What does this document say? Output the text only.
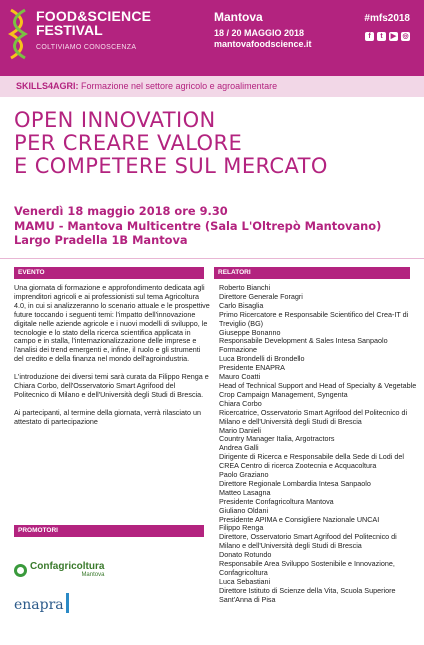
FOOD&SCIENCE
FESTIVAL
COLTIVIAMO CONOSCENZA
Mantova
18 / 20 MAGGIO 2018
mantovafoodscience.it
#mfs2018
f	t	▶ ◎
SKILLS4AGRI: Formazione nel settore agricolo e agroalimentare
OPEN INNOVATION
PER CREARE VALORE
E COMPETERE SUL MERCATO
Venerdì 18 maggio 2018 ore 9.30
MAMU - Mantova Multicentre (Sala L'Oltrepò Mantovano)
Largo Pradella 1B Mantova
EVENTO

Una giornata di formazione e approfondimento dedicata agli imprenditori agricoli e ai professionisti sul tema Agricoltura 4.0, in cui si analizzeranno lo scenario attuale e le prospettive future toccando i seguenti temi: l'impatto dell'innovazione digitale nelle aziende agricole e i nuovi modelli di sviluppo, le tecnologie e lo stato della ricerca scientifica applicata in campo e in stalla, l'internazionalizzazione delle imprese e l'analisi dei trend emergenti e, infine, il ruolo e gli strumenti del credito e della finanza nel mondo dell'agroindustria.

L'introduzione dei diversi temi sarà curata da Filippo Renga e Chiara Corbo, dell'Osservatorio Smart Agrifood del Politecnico di Milano e dell'Università degli Studi di Brescia.

Ai partecipanti, al termine della giornata, verrà rilasciato un attestato di partecipazione

RELATORI
Roberto Bianchi
Direttore Generale Foragri
Carlo Bisaglia
Primo Ricercatore e Responsabile Scientifico del Crea-IT di Treviglio (BG)
Giuseppe Bonanno
Responsabile Development & Sales Intesa Sanpaolo Formazione
Luca Brondelli di Brondello
Presidente ENAPRA
Mauro Coatti
Head of Technical Support and Head of Specialty & Vegetable Crop Campaign Management, Syngenta
Chiara Corbo
Ricercatrice, Osservatorio Smart Agrifood del Politecnico di Milano e dell'Università degli Studi di Brescia
Mario Danieli
Country Manager Italia, Argotractors
Andrea Galli
Dirigente di Ricerca e Responsabile della Sede di Lodi del CREA Centro di ricerca Zootecnia e Acquacoltura
Paolo Graziano
Direttore Regionale Lombardia Intesa Sanpaolo
Matteo Lasagna
Presidente Confagricoltura Mantova
Giuliano Oldani
Presidente APIMA e Consigliere Nazionale UNCAI
Filippo Renga
Direttore, Osservatorio Smart Agrifood del Politecnico di Milano e dell'Università degli Studi di Brescia
Donato Rotundo
Responsabile Area Sviluppo Sostenibile e Innovazione, Confagricoltura
Luca Sebastiani
Direttore Istituto di Scienze della Vita, Scuola Superiore Sant'Anna di Pisa
PROMOTORI
Confagricoltura
Mantova
enapra
